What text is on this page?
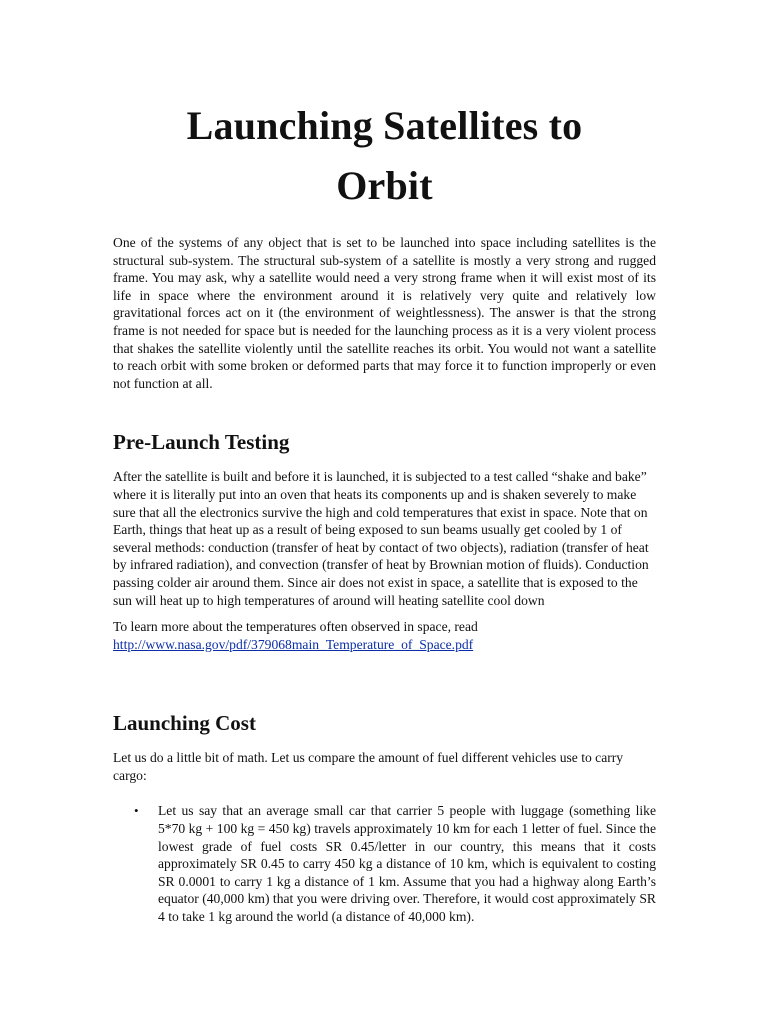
Launching Satellites to
Orbit

One of the systems of any object that is set to be launched into space including satellites is the structural sub-system. The structural sub-system of a satellite is mostly a very strong and rugged frame. You may ask, why a satellite would need a very strong frame when it will exist most of its life in space where the environment around it is relatively very quite and relatively low gravitational forces act on it (the environment of weightlessness). The answer is that the strong frame is not needed for space but is needed for the launching process as it is a very violent process that shakes the satellite violently until the satellite reaches its orbit. You would not want a satellite to reach orbit with some broken or deformed parts that may force it to function improperly or even not function at all.

Pre-Launch Testing

After the satellite is built and before it is launched, it is subjected to a test called “shake and bake” where it is literally put into an oven that heats its components up and is shaken severely to make sure that all the electronics survive the high and cold temperatures that exist in space. Note that on Earth, things that heat up as a result of being exposed to sun beams usually get cooled by 1 of several methods: conduction (transfer of heat by contact of two objects), radiation (transfer of heat by infrared radiation), and convection (transfer of heat by Brownian motion of fluids). Conduction passing colder air around them. Since air does not exist in space, a satellite that is exposed to the sun will heat up to high temperatures of around will heating satellite cool down

To learn more about the temperatures often observed in space, read
http://www.nasa.gov/pdf/379068main_Temperature_of_Space.pdf

Launching Cost

Let us do a little bit of math. Let us compare the amount of fuel different vehicles use to carry cargo:

• Let us say that an average small car that carrier 5 people with luggage (something like 5*70 kg + 100 kg = 450 kg) travels approximately 10 km for each 1 letter of fuel. Since the lowest grade of fuel costs SR 0.45/letter in our country, this means that it costs approximately SR 0.45 to carry 450 kg a distance of 10 km, which is equivalent to costing SR 0.0001 to carry 1 kg a distance of 1 km. Assume that you had a highway along Earth’s equator (40,000 km) that you were driving over. Therefore, it would cost approximately SR 4 to take 1 kg around the world (a distance of 40,000 km).
